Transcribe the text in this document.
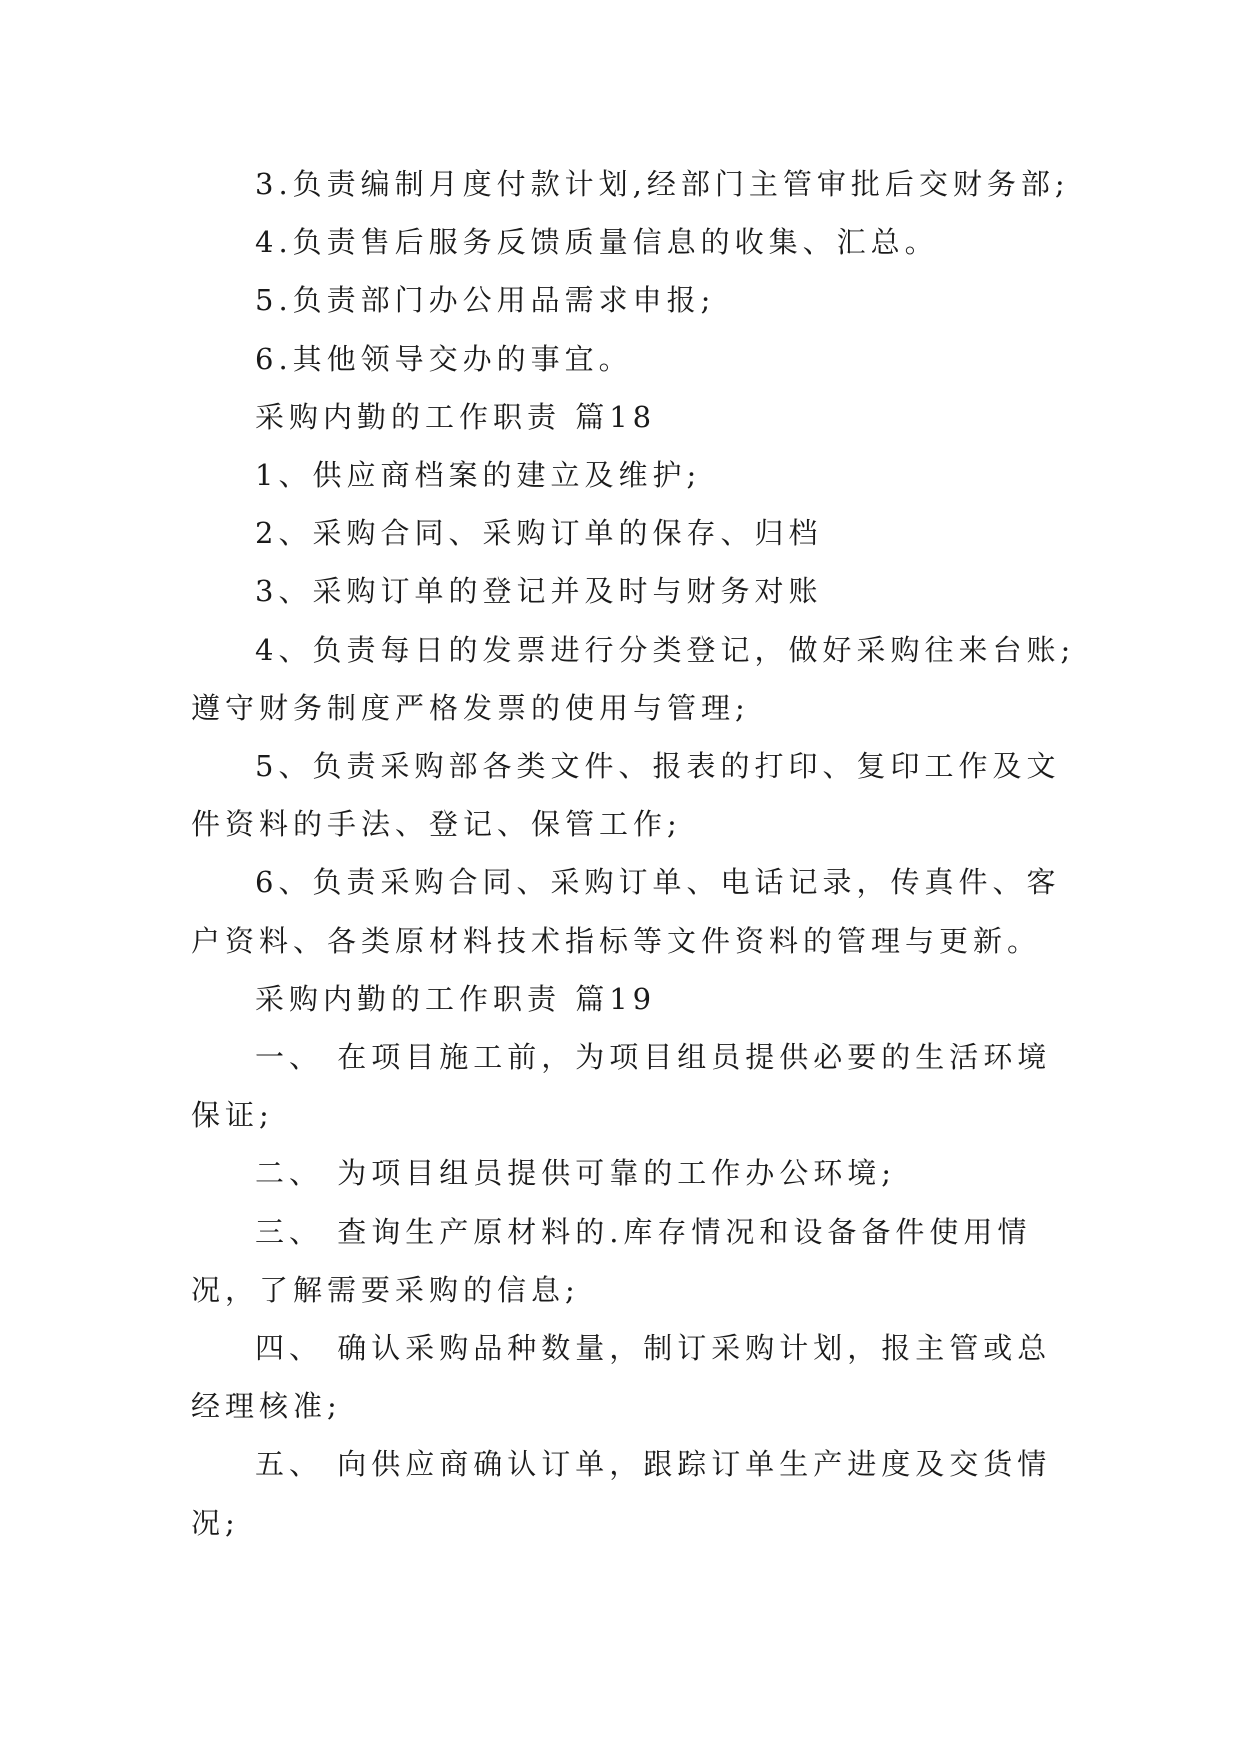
3.负责编制月度付款计划,经部门主管审批后交财务部;
4.负责售后服务反馈质量信息的收集、汇总。
5.负责部门办公用品需求申报;
6.其他领导交办的事宜。
采购内勤的工作职责 篇18
1、供应商档案的建立及维护;
2、采购合同、采购订单的保存、归档
3、采购订单的登记并及时与财务对账
4、负责每日的发票进行分类登记，做好采购往来台账;
遵守财务制度严格发票的使用与管理;
5、负责采购部各类文件、报表的打印、复印工作及文
件资料的手法、登记、保管工作;
6、负责采购合同、采购订单、电话记录，传真件、客
户资料、各类原材料技术指标等文件资料的管理与更新。
采购内勤的工作职责 篇19
一、 在项目施工前，为项目组员提供必要的生活环境
保证;
二、 为项目组员提供可靠的工作办公环境;
三、 查询生产原材料的.库存情况和设备备件使用情
况，了解需要采购的信息;
四、 确认采购品种数量，制订采购计划，报主管或总
经理核准;
五、 向供应商确认订单，跟踪订单生产进度及交货情
况;
